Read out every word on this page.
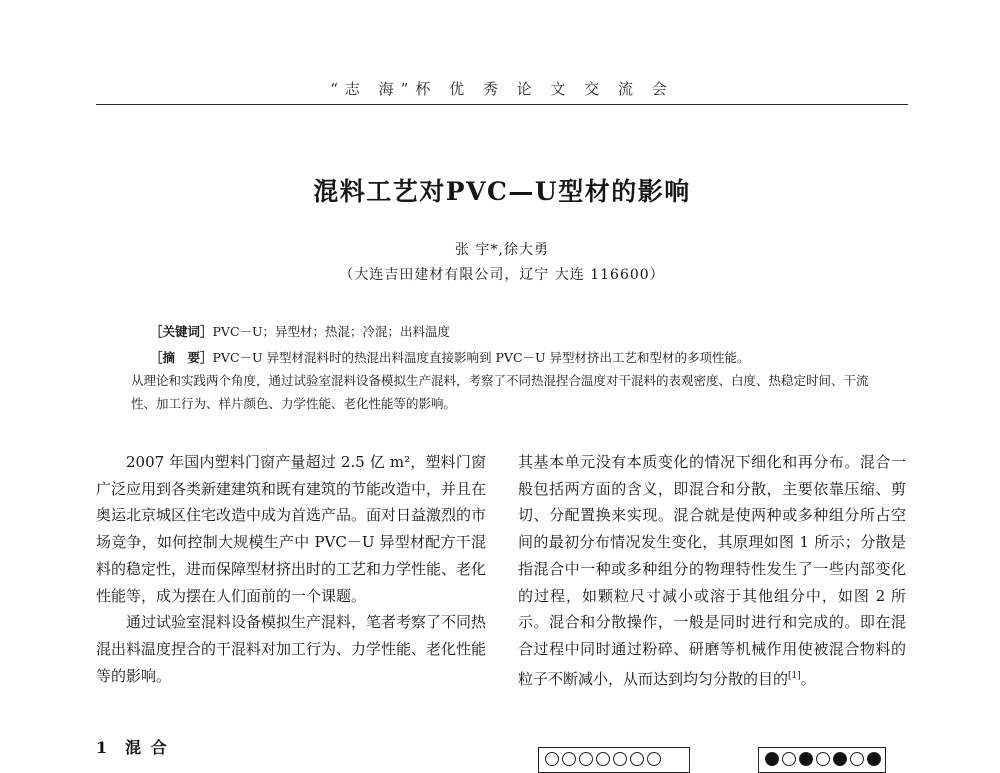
“志 海”杯 优 秀 论 文 交 流 会
混料工艺对PVC—U型材的影响
张 宇*,徐大勇
（大连吉田建材有限公司，辽宁 大连 116600）
［关键词］PVC－U；异型材；热混；冷混；出料温度
［摘　要］PVC－U 异型材混料时的热混出料温度直接影响到 PVC－U 异型材挤出工艺和型材的多项性能。
从理论和实践两个角度，通过试验室混料设备模拟生产混料，考察了不同热混捏合温度对干混料的表观密度、白度、热稳定时间、干流性、加工行为、样片颜色、力学性能、老化性能等的影响。

2007 年国内塑料门窗产量超过 2.5 亿 m²，塑料门窗广泛应用到各类新建建筑和既有建筑的节能改造中，并且在奥运北京城区住宅改造中成为首选产品。面对日益激烈的市场竞争，如何控制大规模生产中 PVC－U 异型材配方干混料的稳定性，进而保障型材挤出时的工艺和力学性能、老化性能等，成为摆在人们面前的一个课题。

通过试验室混料设备模拟生产混料，笔者考察了不同热混出料温度捏合的干混料对加工行为、力学性能、老化性能等的影响。

其基本单元没有本质变化的情况下细化和再分布。混合一般包括两方面的含义，即混合和分散，主要依靠压缩、剪切、分配置换来实现。混合就是使两种或多种组分所占空间的最初分布情况发生变化，其原理如图 1 所示；分散是指混合中一种或多种组分的物理特性发生了一些内部变化的过程，如颗粒尺寸减小或溶于其他组分中，如图 2 所示。混合和分散操作，一般是同时进行和完成的。即在混合过程中同时通过粉碎、研磨等机械作用使被混合物料的粒子不断减小，从而达到均匀分散的目的[1]。

1 混 合
